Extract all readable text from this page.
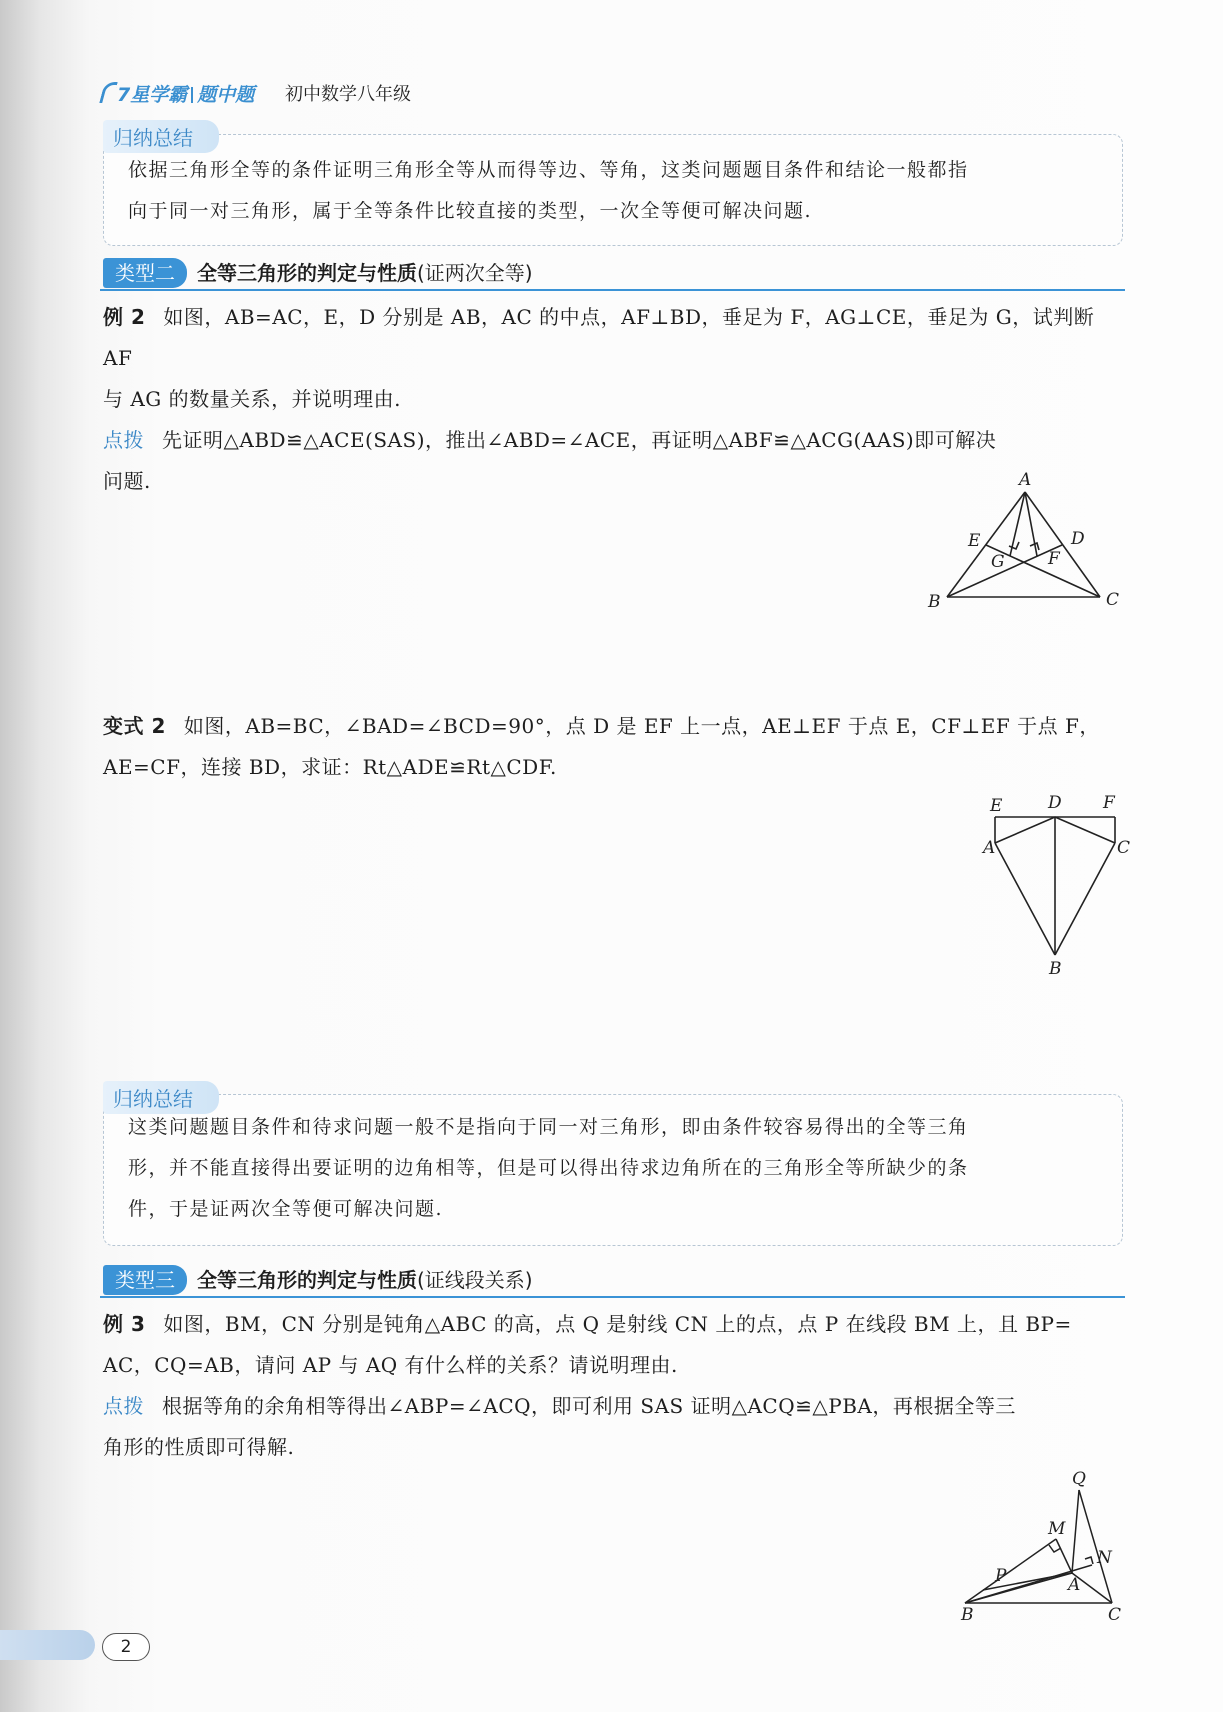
7星学霸 题中题 初中数学八年级
依据三角形全等的条件证明三角形全等从而得等边、等角，这类问题题目条件和结论一般都指
向于同一对三角形，属于全等条件比较直接的类型，一次全等便可解决问题.
归纳总结
类型二 全等三角形的判定与性质(证两次全等)
例 2 如图，AB=AC，E，D 分别是 AB，AC 的中点，AF⊥BD，垂足为 F，AG⊥CE，垂足为 G，试判断 AF
与 AG 的数量关系，并说明理由.
点拨 先证明△ABD≌△ACE(SAS)，推出∠ABD=∠ACE，再证明△ABF≌△ACG(AAS)即可解决
问题.	A
E	D
G	F
B	C
变式 2 如图，AB=BC，∠BAD=∠BCD=90°，点 D 是 EF 上一点，AE⊥EF 于点 E，CF⊥EF 于点 F，
AE=CF，连接 BD，求证：Rt△ADE≌Rt△CDF.
E	D F
A	C
B
这类问题题目条件和待求问题一般不是指向于同一对三角形，即由条件较容易得出的全等三角
形，并不能直接得出要证明的边角相等，但是可以得出待求边角所在的三角形全等所缺少的条
件，于是证两次全等便可解决问题.
归纳总结
类型三 全等三角形的判定与性质(证线段关系)
例 3 如图，BM，CN 分别是钝角△ABC 的高，点 Q 是射线 CN 上的点，点 P 在线段 BM 上，且 BP=
AC，CQ=AB，请问 AP 与 AQ 有什么样的关系？请说明理由.
点拨 根据等角的余角相等得出∠ABP=∠ACQ，即可利用 SAS 证明△ACQ≌△PBA，再根据全等三
角形的性质即可得解.
Q
M
N
P	A
B	C
2
